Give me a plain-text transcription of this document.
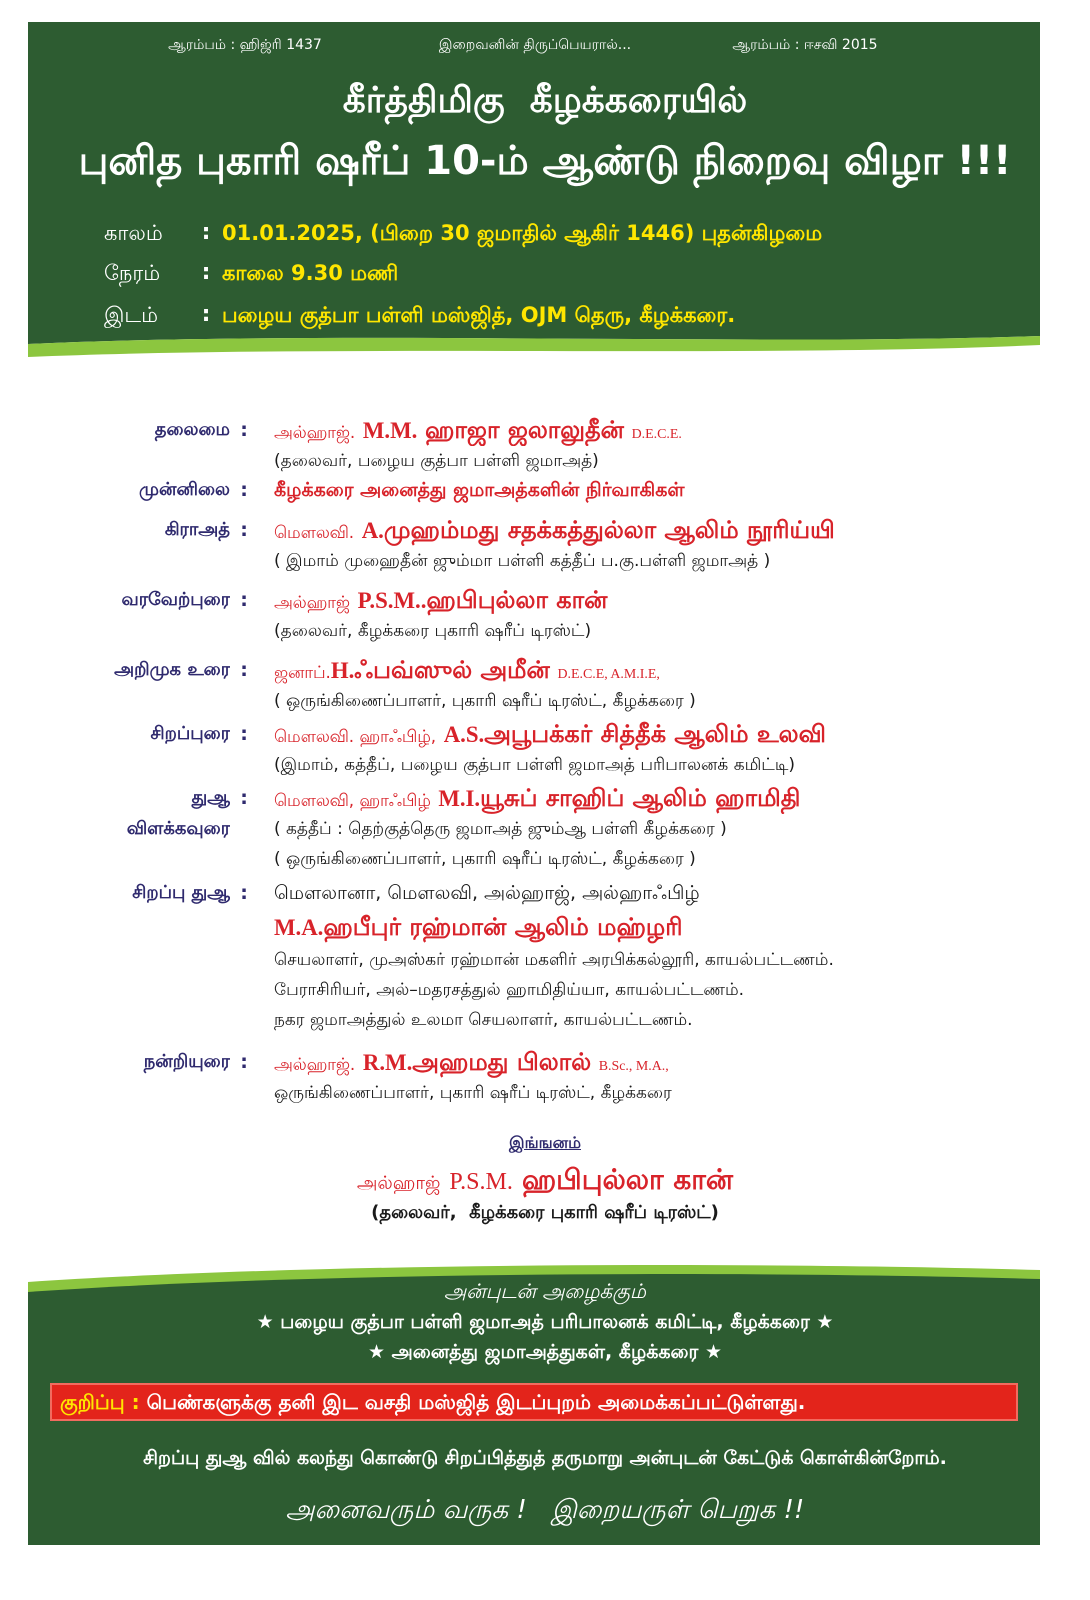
ஆரம்பம் : ஹிஜ்ரி 1437	இறைவனின் திருப்பெயரால்...	ஆரம்பம் : ஈசவி 2015
கீர்த்திமிகு  கீழக்கரையில்
புனித புகாரி ஷரீப் 10-ம் ஆண்டு நிறைவு விழா !!!
காலம்	: 01.01.2025, (பிறை 30 ஜமாதில் ஆகிர் 1446) புதன்கிழமை
நேரம்	: காலை 9.30 மணி
இடம்	: பழைய குத்பா பள்ளி மஸ்ஜித், OJM தெரு, கீழக்கரை.
தலைமை : அல்ஹாஜ். M.M. ஹாஜா ஜலாலுதீன் D.E.C.E.
(தலைவர், பழைய குத்பா பள்ளி ஜமாஅத்)
முன்னிலை : கீழக்கரை அனைத்து ஜமாஅத்களின் நிர்வாகிகள்
கிராஅத் : மௌலவி. A.முஹம்மது சதக்கத்துல்லா ஆலிம் நூரிய்யி
( இமாம் முஹைதீன் ஜும்மா பள்ளி கத்தீப் ப.கு.பள்ளி ஜமாஅத் )
வரவேற்புரை : அல்ஹாஜ் P.S.M..ஹபிபுல்லா கான்
(தலைவர், கீழக்கரை புகாரி ஷரீப் டிரஸ்ட்)
அறிமுக உரை : ஜனாப்.H.ஃபவ்ஸுல் அமீன் D.E.C.E, A.M.I.E,
( ஒருங்கிணைப்பாளர், புகாரி ஷரீப் டிரஸ்ட், கீழக்கரை )
சிறப்புரை : மௌலவி. ஹாஃபிழ், A.S.அபூபக்கர் சித்தீக் ஆலிம் உலவி
(இமாம், கத்தீப், பழைய குத்பா பள்ளி ஜமாஅத் பரிபாலனக் கமிட்டி)
துஆ
விளக்கவுரை
: மௌலவி, ஹாஃபிழ் M.I.யூசுப் சாஹிப் ஆலிம் ஹாமிதி
( கத்தீப் : தெற்குத்தெரு ஜமாஅத் ஜும்ஆ பள்ளி கீழக்கரை )
( ஒருங்கிணைப்பாளர், புகாரி ஷரீப் டிரஸ்ட், கீழக்கரை )
சிறப்பு துஆ : மௌலானா, மௌலவி, அல்ஹாஜ், அல்ஹாஃபிழ்
M.A.ஹபீபுர் ரஹ்மான் ஆலிம் மஹ்ழரி
செயலாளர், முஅஸ்கர் ரஹ்மான் மகளிர் அரபிக்கல்லூரி, காயல்பட்டணம்.
பேராசிரியர், அல்–மதரசத்துல் ஹாமிதிய்யா, காயல்பட்டணம்.
நகர ஜமாஅத்துல் உலமா செயலாளர், காயல்பட்டணம்.
நன்றியுரை : அல்ஹாஜ். R.M.அஹமது பிலால் B.Sc., M.A.,
ஒருங்கிணைப்பாளர், புகாரி ஷரீப் டிரஸ்ட், கீழக்கரை
இங்ஙனம்
அல்ஹாஜ் P.S.M. ஹபிபுல்லா கான்
(தலைவர்,  கீழக்கரை புகாரி ஷரீப் டிரஸ்ட்)
அன்புடன் அழைக்கும்
★ பழைய குத்பா பள்ளி ஜமாஅத் பரிபாலனக் கமிட்டி, கீழக்கரை ★
★ அனைத்து ஜமாஅத்துகள், கீழக்கரை ★
குறிப்பு : பெண்களுக்கு தனி இட வசதி மஸ்ஜித் இடப்புறம் அமைக்கப்பட்டுள்ளது.
சிறப்பு துஆ வில் கலந்து கொண்டு சிறப்பித்துத் தருமாறு அன்புடன் கேட்டுக் கொள்கின்றோம்.
அனைவரும் வருக !   இறையருள் பெறுக !!
